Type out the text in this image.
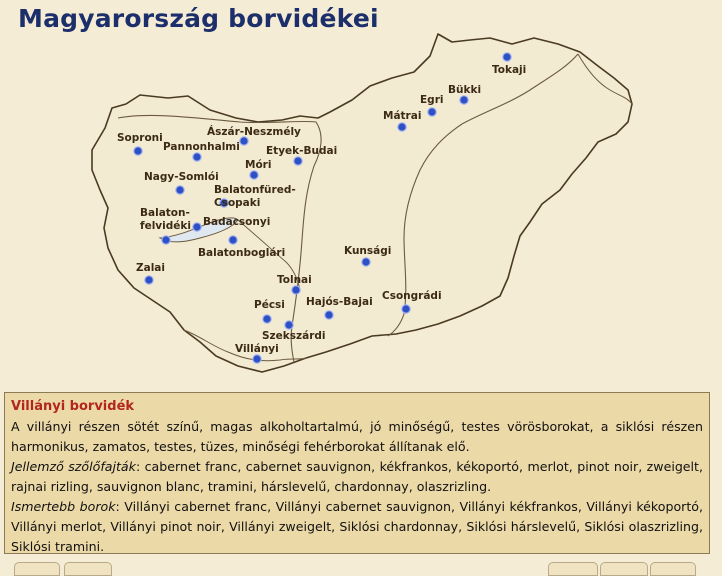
Magyarország borvidékei
Tokaji
Egri
Bükki
Mátrai
Soproni	Ászár-Neszmély
Pannonhalmi Etyek-Budai
Móri
Nagy-Somlói
Balatonfüred-
Csopaki
Badacsonyi
Balaton-
felvidéki
Balatonboglári	Kunsági
Zalai
Tolnai
Hajós-Bajai Csongrádi
Pécsi
Szekszárdi
Villányi
Villányi borvidék
A villányi részen sötét színű, magas alkoholtartalmú, jó minőségű, testes vörösborokat, a siklósi részen harmonikus, zamatos, testes, tüzes, minőségi fehérborokat állítanak elő.
Jellemző szőlőfajták: cabernet franc, cabernet sauvignon, kékfrankos, kékoportó, merlot, pinot noir, zweigelt, rajnai rizling, sauvignon blanc, tramini, hárslevelű, chardonnay, olaszrizling.
Ismertebb borok: Villányi cabernet franc, Villányi cabernet sauvignon, Villányi kékfrankos, Villányi kékoportó, Villányi merlot, Villányi pinot noir, Villányi zweigelt, Siklósi chardonnay, Siklósi hárslevelű, Siklósi olaszrizling, Siklósi tramini.
